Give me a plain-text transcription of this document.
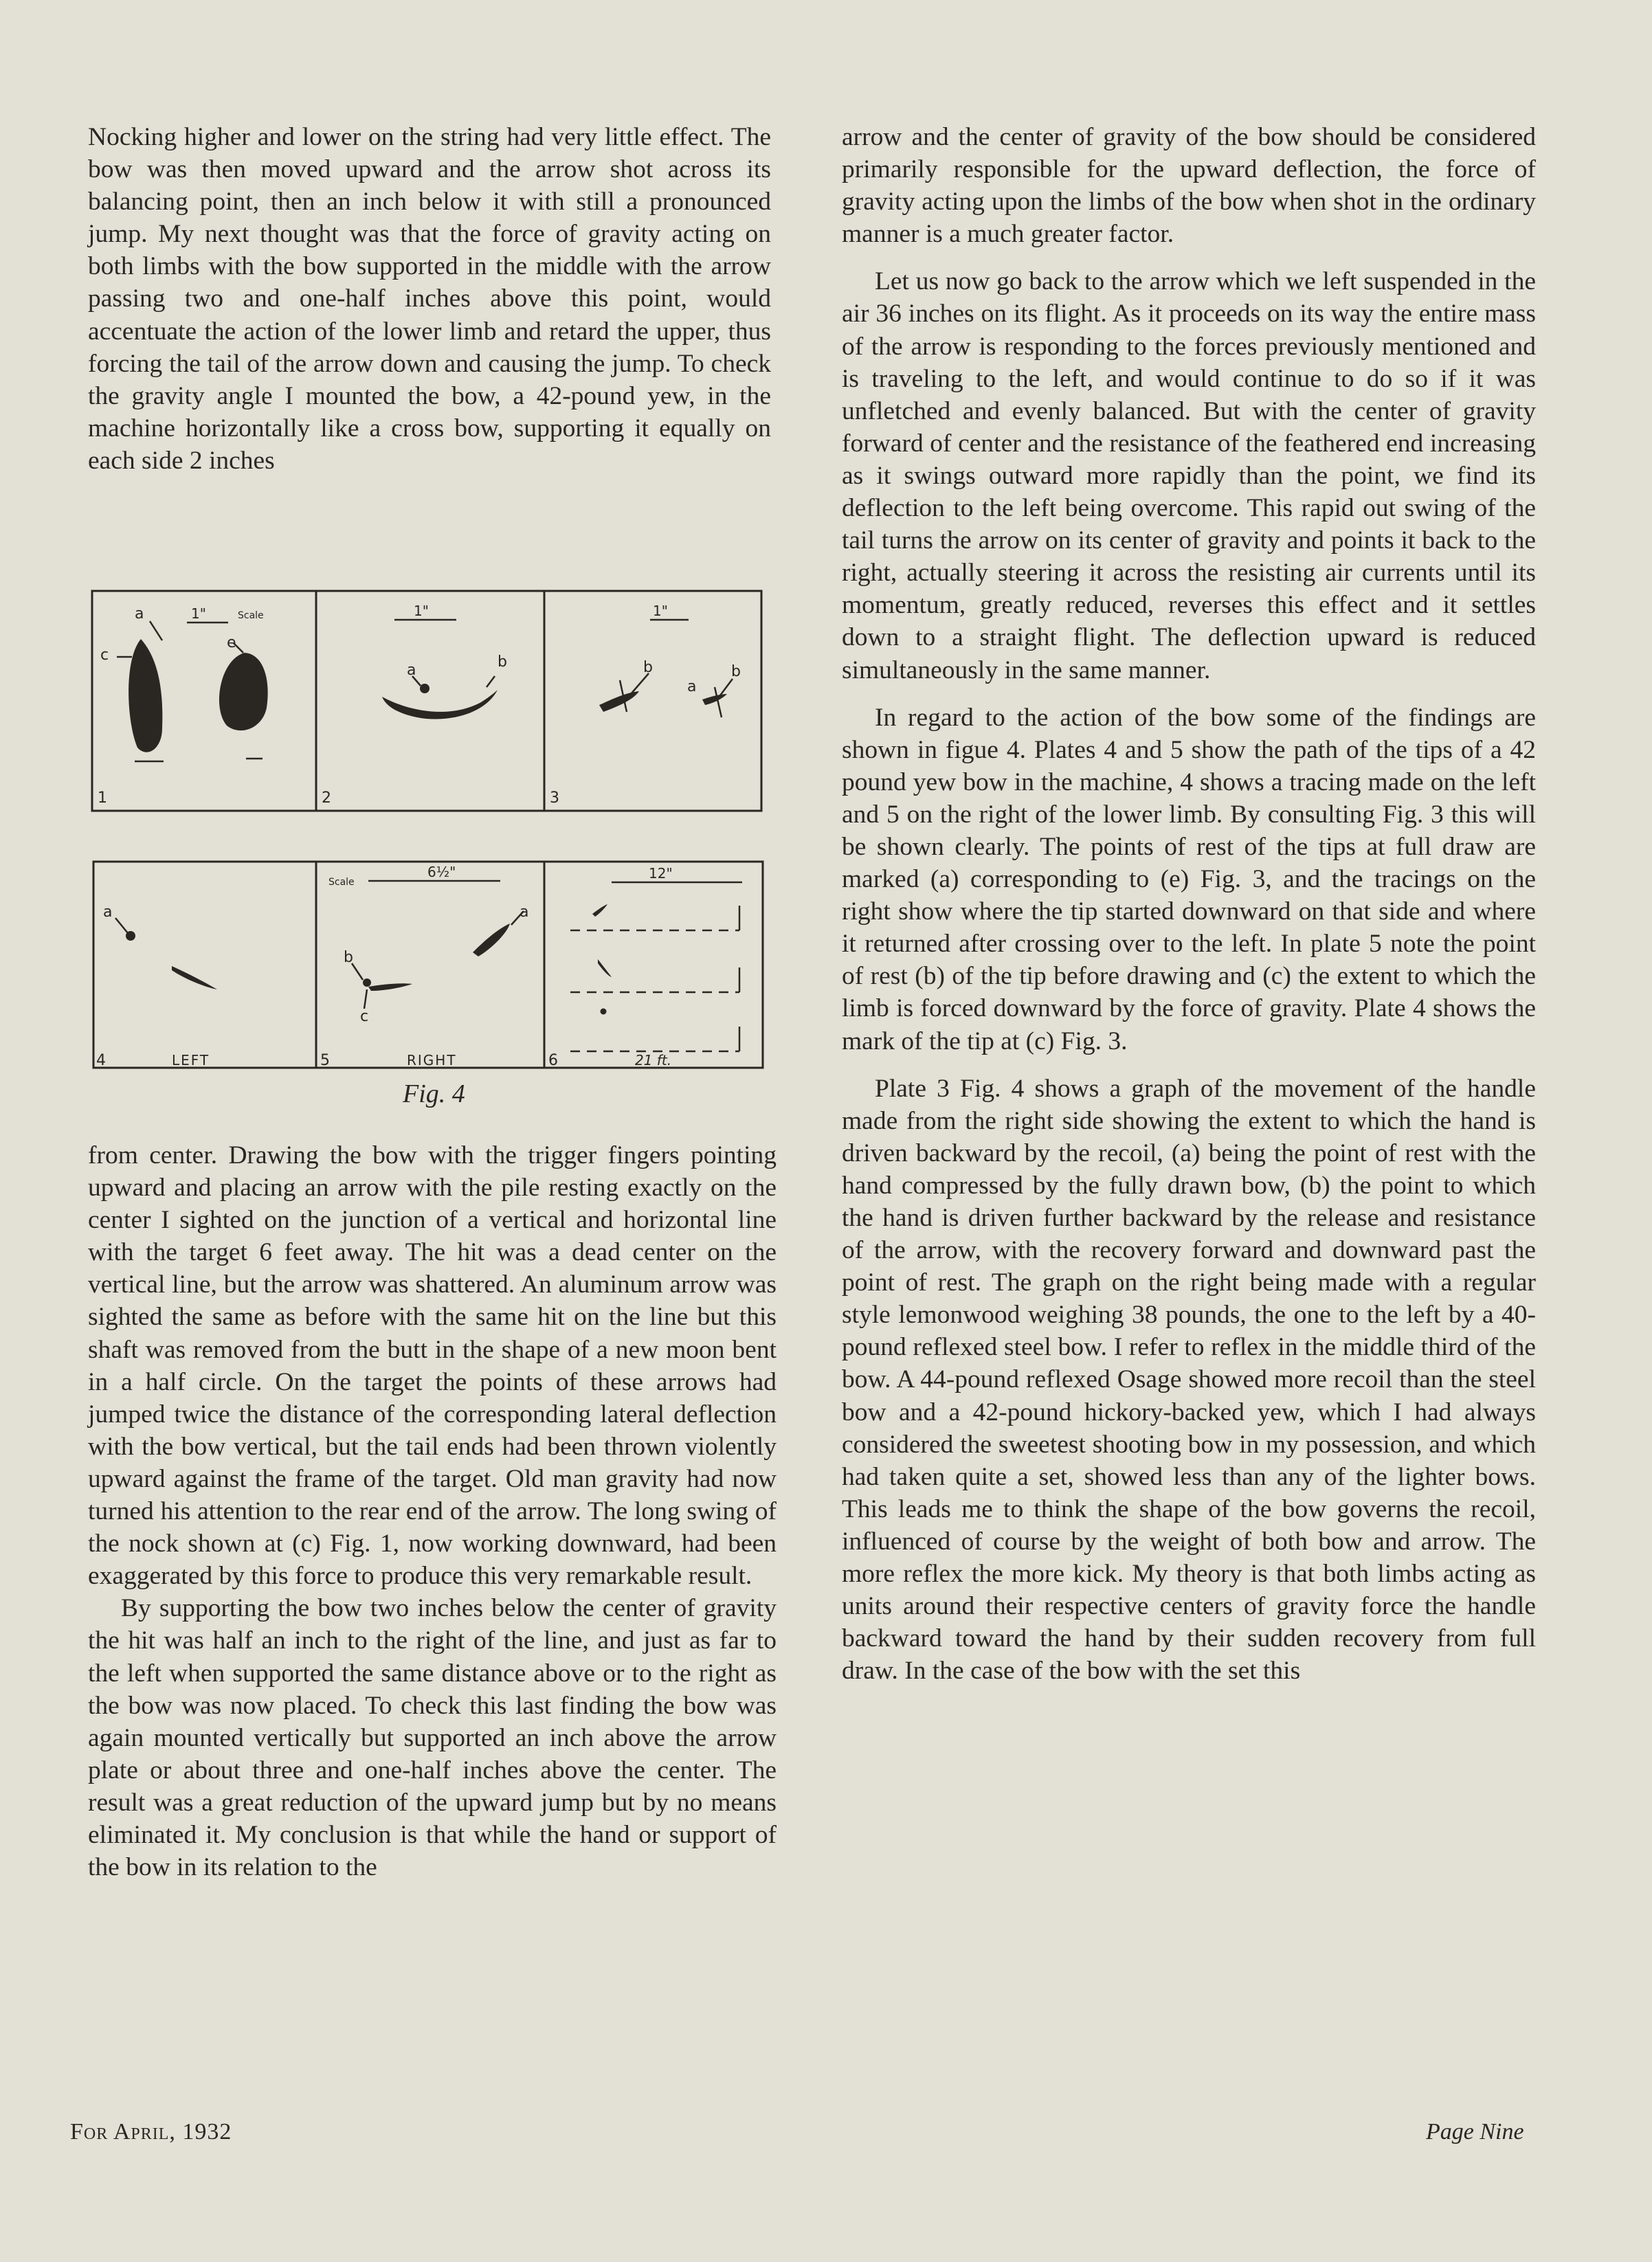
Nocking higher and lower on the string had very little effect. The bow was then moved upward and the arrow shot across its balancing point, then an inch below it with still a pronounced jump. My next thought was that the force of gravity acting on both limbs with the bow supported in the middle with the arrow passing two and one-half inches above this point, would accentuate the action of the lower limb and retard the upper, thus forcing the tail of the arrow down and causing the jump. To check the gravity angle I mounted the bow, a 42-pound yew, in the machine horizontally like a cross bow, supporting it equally on each side 2 inches

a
c
e
1"	Scale
1
a	b
1"
2
b
a
b
1"
3
a
4	LEFT
Scale
6½"
a
b
c
5	RIGHT
12"
6	21 ft.
Fig. 4

from center. Drawing the bow with the trigger fingers pointing upward and placing an arrow with the pile resting exactly on the center I sighted on the junction of a vertical and horizontal line with the target 6 feet away. The hit was a dead center on the vertical line, but the arrow was shattered. An aluminum arrow was sighted the same as before with the same hit on the line but this shaft was removed from the butt in the shape of a new moon bent in a half circle. On the target the points of these arrows had jumped twice the distance of the corresponding lateral deflection with the bow vertical, but the tail ends had been thrown violently upward against the frame of the target. Old man gravity had now turned his attention to the rear end of the arrow. The long swing of the nock shown at (c) Fig. 1, now working downward, had been exaggerated by this force to produce this very remarkable result.

By supporting the bow two inches below the center of gravity the hit was half an inch to the right of the line, and just as far to the left when supported the same distance above or to the right as the bow was now placed. To check this last finding the bow was again mounted vertically but supported an inch above the arrow plate or about three and one-half inches above the center. The result was a great reduction of the upward jump but by no means eliminated it. My conclusion is that while the hand or support of the bow in its relation to the

arrow and the center of gravity of the bow should be considered primarily responsible for the upward deflection, the force of gravity acting upon the limbs of the bow when shot in the ordinary manner is a much greater factor.

Let us now go back to the arrow which we left suspended in the air 36 inches on its flight. As it proceeds on its way the entire mass of the arrow is responding to the forces previously mentioned and is traveling to the left, and would continue to do so if it was unfletched and evenly balanced. But with the center of gravity forward of center and the resistance of the feathered end increasing as it swings outward more rapidly than the point, we find its deflection to the left being overcome. This rapid out swing of the tail turns the arrow on its center of gravity and points it back to the right, actually steering it across the resisting air currents until its momentum, greatly reduced, reverses this effect and it settles down to a straight flight. The deflection upward is reduced simultaneously in the same manner.

In regard to the action of the bow some of the findings are shown in figue 4. Plates 4 and 5 show the path of the tips of a 42 pound yew bow in the machine, 4 shows a tracing made on the left and 5 on the right of the lower limb. By consulting Fig. 3 this will be shown clearly. The points of rest of the tips at full draw are marked (a) corresponding to (e) Fig. 3, and the tracings on the right show where the tip started downward on that side and where it returned after crossing over to the left. In plate 5 note the point of rest (b) of the tip before drawing and (c) the extent to which the limb is forced downward by the force of gravity. Plate 4 shows the mark of the tip at (c) Fig. 3.

Plate 3 Fig. 4 shows a graph of the movement of the handle made from the right side showing the extent to which the hand is driven backward by the recoil, (a) being the point of rest with the hand compressed by the fully drawn bow, (b) the point to which the hand is driven further backward by the release and resistance of the arrow, with the recovery forward and downward past the point of rest. The graph on the right being made with a regular style lemonwood weighing 38 pounds, the one to the left by a 40-pound reflexed steel bow. I refer to reflex in the middle third of the bow. A 44-pound reflexed Osage showed more recoil than the steel bow and a 42-pound hickory-backed yew, which I had always considered the sweetest shooting bow in my possession, and which had taken quite a set, showed less than any of the lighter bows. This leads me to think the shape of the bow governs the recoil, influenced of course by the weight of both bow and arrow. The more reflex the more kick. My theory is that both limbs acting as units around their respective centers of gravity force the handle backward toward the hand by their sudden recovery from full draw. In the case of the bow with the set this

For April, 1932	Page Nine
